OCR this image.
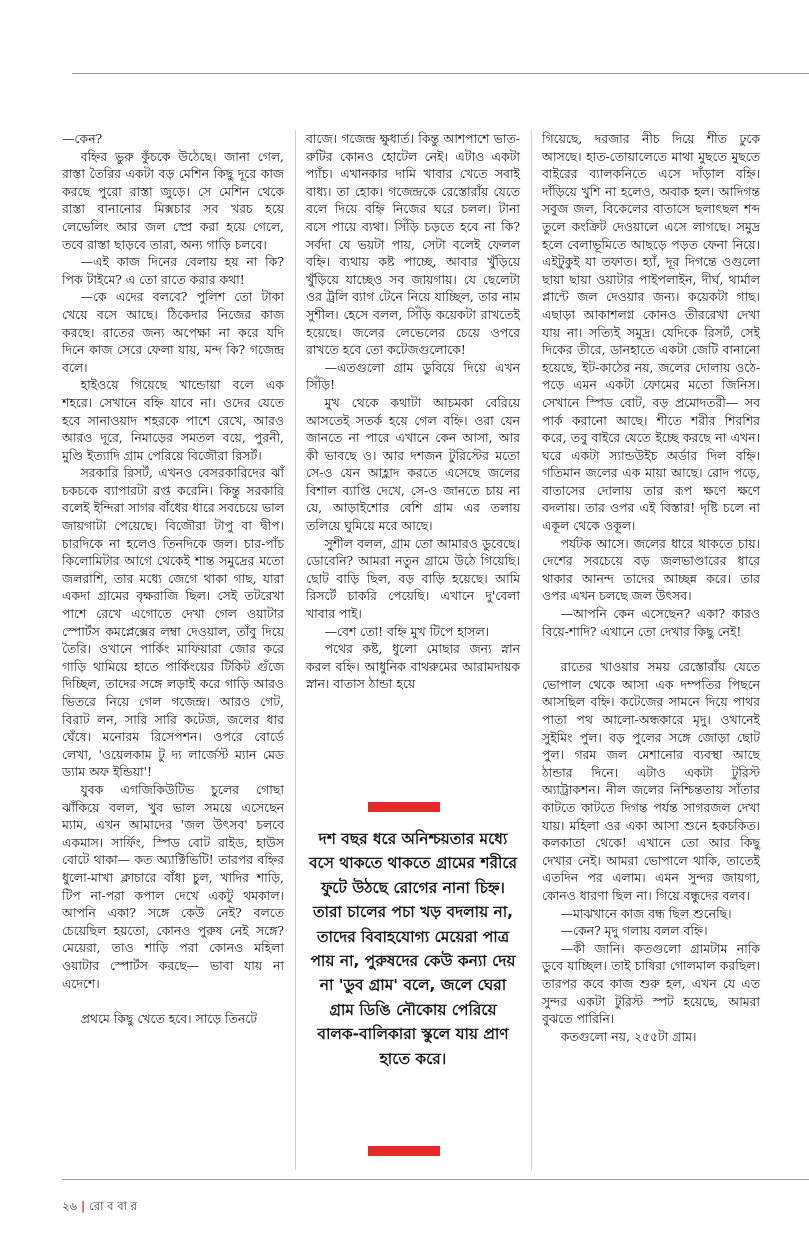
—কেন?

বহ্নির ভুরু কুঁচকে উঠেছে। জানা গেল, রাস্তা তৈরির একটা বড় মেশিন কিছু দূরে কাজ করছে পুরো রাস্তা জুড়ে। সে মেশিন থেকে রাস্তা বানানোর মিক্সচার সব খরচ হয়ে লেভেলিং আর জল স্প্রে করা হয়ে গেলে, তবে রাস্তা ছাড়বে তারা, অন্য গাড়ি চলবে।

—এই কাজ দিনের বেলায় হয় না কি? পিক টাইমে? এ তো রাতে করার কথা!

—কে এদের বলবে? পুলিশ তো টাকা খেয়ে বসে আছে। ঠিকেদার নিজের কাজ করছে। রাতের জন্য অপেক্ষা না করে যদি দিনে কাজ সেরে ফেলা যায়, মন্দ কি? গজেন্দ্র বলে।

হাইওয়ে গিয়েছে খান্ডোয়া বলে এক শহরে। সেখানে বহ্নি যাবে না। ওদের যেতে হবে সানাওয়াদ শহরকে পাশে রেখে, আরও আরও দূরে, নিমাড়ের সমতল বয়ে, পুরনী, মুণ্ডি ইত্যাদি গ্রাম পেরিয়ে বিজৌরা রিসর্ট।

সরকারি রিসর্ট, এখনও বেসরকারিদের ঝাঁ চকচকে ব্যাপারটা রপ্ত করেনি। কিন্তু সরকারি বলেই ইন্দিরা সাগর বাঁধের ধারে সবচেয়ে ভাল জায়গাটা পেয়েছে। বিজৌরা টাপু বা দ্বীপ। চারদিকে না হলেও তিনদিকে জল। চার-পাঁচ কিলোমিটার আগে থেকেই শান্ত সমুদ্রের মতো জলরাশি, তার মধ্যে জেগে থাকা গাছ, যারা একদা গ্রামের বৃক্ষরাজি ছিল। সেই তটরেখা পাশে রেখে এগোতে দেখা গেল ওয়াটার স্পোর্টস কমপ্লেক্সের লম্বা দেওয়াল, তাঁবু দিয়ে তৈরি। ওখানে পার্কিং মাফিয়ারা জোর করে গাড়ি থামিয়ে হাতে পার্কিংয়ের টিকিট গুঁজে দিচ্ছিল, তাদের সঙ্গে লড়াই করে গাড়ি আরও ভিতরে নিয়ে গেল গজেন্দ্র। আরও গেট, বিরাট লন, সারি সারি কটেজ, জলের ধার ঘেঁষে। মনোরম রিসেপশন। ওপরে বোর্ডে লেখা, 'ওয়েলকাম টু দ্য লার্জেস্ট ম্যান মেড ড্যাম অফ ইন্ডিয়া'!

যুবক এগজিকিউটিভ চুলের গোছা ঝাঁকিয়ে বলল, খুব ভাল সময়ে এসেছেন ম্যাম, এখন আমাদের 'জল উৎসব' চলবে একমাস। সার্ফিং, স্পিড বোট রাইড, হাউস বোটে থাকা— কত অ্যাক্টিভিটি! তারপর বহ্নির ধুলো-মাখা ক্লাচারে বাঁধা চুল, খাদির শাড়ি, টিপ না-পরা কপাল দেখে একটু থমকাল। আপনি একা? সঙ্গে কেউ নেই? বলতে চেয়েছিল হয়তো, কোনও পুরুষ নেই সঙ্গে? মেয়েরা, তাও শাড়ি পরা কোনও মহিলা ওয়াটার স্পোর্টস করছে— ভাবা যায় না এদেশে।

প্রথমে কিছু খেতে হবে। সাড়ে তিনটে

বাজে। গজেন্দ্র ক্ষুধার্ত। কিন্তু আশপাশে ভাত-রুটির কোনও হোটেল নেই। এটাও একটা প্যাঁচ। এখানকার দামি খাবার খেতে সবাই বাধ্য। তা হোক। গজেন্দ্রকে রেস্তোরাঁয় যেতে বলে দিয়ে বহ্নি নিজের ঘরে চলল। টানা বসে পায়ে ব্যথা। সিঁড়ি চড়তে হবে না কি? সর্বদা যে ভয়টা পায়, সেটা বলেই ফেলল বহ্নি। ব্যথায় কষ্ট পাচ্ছে, আবার খুঁড়িয়ে খুঁড়িয়ে যাচ্ছেও সব জায়গায়। যে ছেলেটা ওর ট্রলি ব্যাগ টেনে নিয়ে যাচ্ছিল, তার নাম সুশীল। হেসে বলল, সিঁড়ি কয়েকটা রাখতেই হয়েছে। জলের লেভেলের চেয়ে ওপরে রাখতে হবে তো কটেজগুলোকে!

—এতগুলো গ্রাম ডুবিয়ে দিয়ে এখন সিঁড়ি!

মুখ থেকে কথাটা আচমকা বেরিয়ে আসতেই সতর্ক হয়ে গেল বহ্নি। ওরা যেন জানতে না পারে এখানে কেন আসা, আর কী ভাবছে ও। আর দশজন টুরিস্টের মতো সে-ও যেন আহ্লাদ করতে এসেছে জলের বিশাল ব্যাপ্তি দেখে, সে-ও জানতে চায় না যে, আড়াইশোর বেশি গ্রাম এর তলায় তলিয়ে ঘুমিয়ে মরে আছে।

সুশীল বলল, গ্রাম তো আমারও ডুবেছে। ডোবেনি? আমরা নতুন গ্রামে উঠে গিয়েছি। ছোট বাড়ি ছিল, বড় বাড়ি হয়েছে। আমি রিসর্টে চাকরি পেয়েছি। এখানে দু'বেলা খাবার পাই।

—বেশ তো! বহ্নি মুখ টিপে হাসল।

পথের কষ্ট, ধুলো মোছার জন্য স্নান করল বহ্নি। আধুনিক বাথরুমের আরামদায়ক স্নান। বাতাস ঠান্ডা হয়ে

দশ বছর ধরে অনিশ্চয়তার মধ্যে বসে থাকতে থাকতে গ্রামের শরীরে ফুটে উঠছে রোগের নানা চিহ্ন। তারা চালের পচা খড় বদলায় না, তাদের বিবাহযোগ্য মেয়েরা পাত্র পায় না, পুরুষদের কেউ কন্যা দেয় না 'ডুব গ্রাম' বলে, জলে ঘেরা গ্রাম ডিঙি নৌকোয় পেরিয়ে বালক-বালিকারা স্কুলে যায় প্রাণ হাতে করে।

গিয়েছে, দরজার নীচ দিয়ে শীত ঢুকে আসছে। হাত-তোয়ালেতে মাথা মুছতে মুছতে বাইরের ব্যালকনিতে এসে দাঁড়াল বহ্নি। দাঁড়িয়ে খুশি না হলেও, অবাক হল। আদিগন্ত সবুজ জল, বিকেলের বাতাসে ছলাৎছল শব্দ তুলে কংক্রিট দেওয়ালে এসে লাগছে। সমুদ্র হলে বেলাভূমিতে আছড়ে পড়ত ফেনা নিয়ে। এইটুকুই যা তফাত। হ্যাঁ, দূর দিগন্তে ওগুলো ছায়া ছায়া ওয়াটার পাইপলাইন, দীর্ঘ, থার্মাল প্লান্টে জল দেওয়ার জন্য। কয়েকটা গাছ। এছাড়া আকাশলগ্ন কোনও তীররেখা দেখা যায় না। সত্যিই সমুদ্র। যেদিকে রিসর্ট, সেই দিকের তীরে, ডানহাতে একটা জেটি বানানো হয়েছে, ইট-কাঠের নয়, জলের দোলায় ওঠে-পড়ে এমন একটা ফোমের মতো জিনিস। সেখানে স্পিড বোট, বড় প্রমোদতরী— সব পার্ক করানো আছে। শীতে শরীর শিরশির করে, তবু বাইরে যেতে ইচ্ছে করছে না এখন। ঘরে একটা স্যান্ডউইচ অর্ডার দিল বহ্নি। গতিমান জলের এক মায়া আছে। রোদ পড়ে, বাতাসের দোলায় তার রূপ ক্ষণে ক্ষণে বদলায়। তার ওপর এই বিস্তার! দৃষ্টি চলে না একূল থেকে ওকূল।

পর্যটক আসে। জলের ধারে থাকতে চায়। দেশের সবচেয়ে বড় জলভাণ্ডারের ধারে থাকার আনন্দ তাদের আচ্ছন্ন করে। তার ওপর এখন চলছে জল উৎসব।

—আপনি কেন এসেছেন? একা? কারও বিয়ে-শাদি? এখানে তো দেখার কিছু নেই!

রাতের খাওয়ার সময় রেস্তোরাঁয় যেতে ভোপাল থেকে আসা এক দম্পতির পিছনে আসছিল বহ্নি। কটেজের সামনে দিয়ে পাথর পাতা পথ আলো-অন্ধকারে মৃদু। ওখানেই সুইমিং পুল। বড় পুলের সঙ্গে জোড়া ছোট পুল। গরম জল মেশানোর ব্যবস্থা আছে ঠান্ডার দিনে। এটাও একটা টুরিস্ট অ্যাট্রাকশন। নীল জলের নিশ্চিন্ততায় সাঁতার কাটতে কাটতে দিগন্ত পর্যন্ত সাগরজল দেখা যায়। মহিলা ওর একা আসা শুনে হকচকিত। কলকাতা থেকে! এখানে তো আর কিছু দেখার নেই। আমরা ভোপালে থাকি, তাতেই এতদিন পর এলাম। এমন সুন্দর জায়গা, কোনও ধারণা ছিল না। গিয়ে বন্ধুদের বলব।

—মাঝখানে কাজ বন্ধ ছিল শুনেছি।

—কেন? মৃদু গলায় বলল বহ্নি।

—কী জানি। কতগুলো গ্রামটাম নাকি ডুবে যাচ্ছিল। তাই চাষিরা গোলমাল করছিল। তারপর কবে কাজ শুরু হল, এখন যে এত সুন্দর একটা টুরিস্ট স্পট হয়েছে, আমরা বুঝতে পারিনি।

কতগুলো নয়, ২৫৫টা গ্রাম।

২৬ | রো ব বা র
